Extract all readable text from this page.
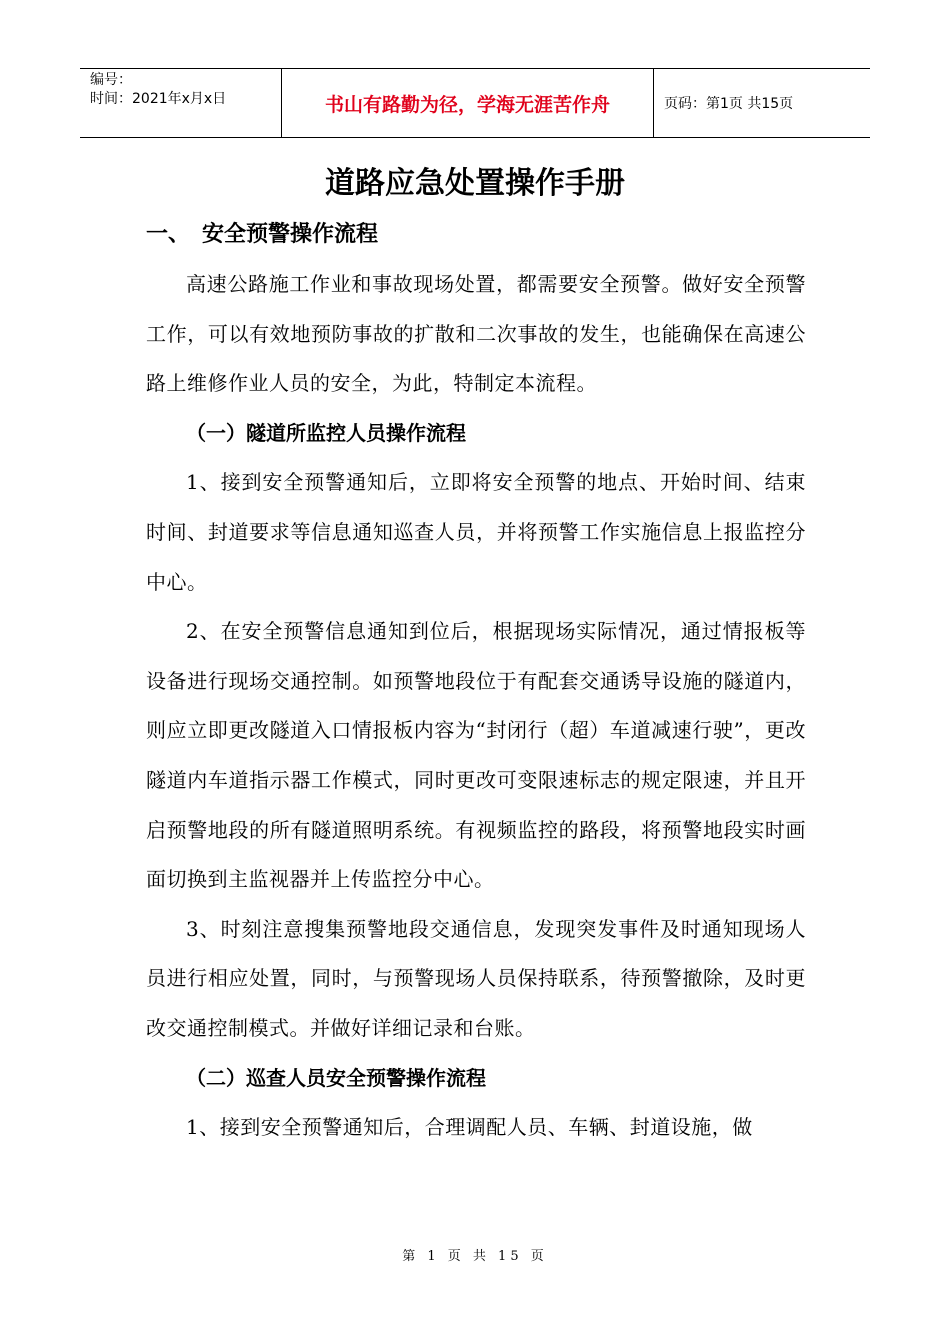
编号：
时间：2021年x月x日	书山有路勤为径，学海无涯苦作舟	页码：第1页 共15页
道路应急处置操作手册
一、 安全预警操作流程

高速公路施工作业和事故现场处置，都需要安全预警。做好安全预警工作，可以有效地预防事故的扩散和二次事故的发生，也能确保在高速公路上维修作业人员的安全，为此，特制定本流程。

（一）隧道所监控人员操作流程

1、接到安全预警通知后，立即将安全预警的地点、开始时间、结束时间、封道要求等信息通知巡查人员，并将预警工作实施信息上报监控分中心。

2、在安全预警信息通知到位后，根据现场实际情况，通过情报板等设备进行现场交通控制。如预警地段位于有配套交通诱导设施的隧道内，则应立即更改隧道入口情报板内容为“封闭行（超）车道减速行驶”，更改隧道内车道指示器工作模式，同时更改可变限速标志的规定限速，并且开启预警地段的所有隧道照明系统。有视频监控的路段，将预警地段实时画面切换到主监视器并上传监控分中心。

3、时刻注意搜集预警地段交通信息，发现突发事件及时通知现场人员进行相应处置，同时，与预警现场人员保持联系，待预警撤除，及时更改交通控制模式。并做好详细记录和台账。

（二）巡查人员安全预警操作流程

1、接到安全预警通知后，合理调配人员、车辆、封道设施，做

第 1 页 共 15 页
